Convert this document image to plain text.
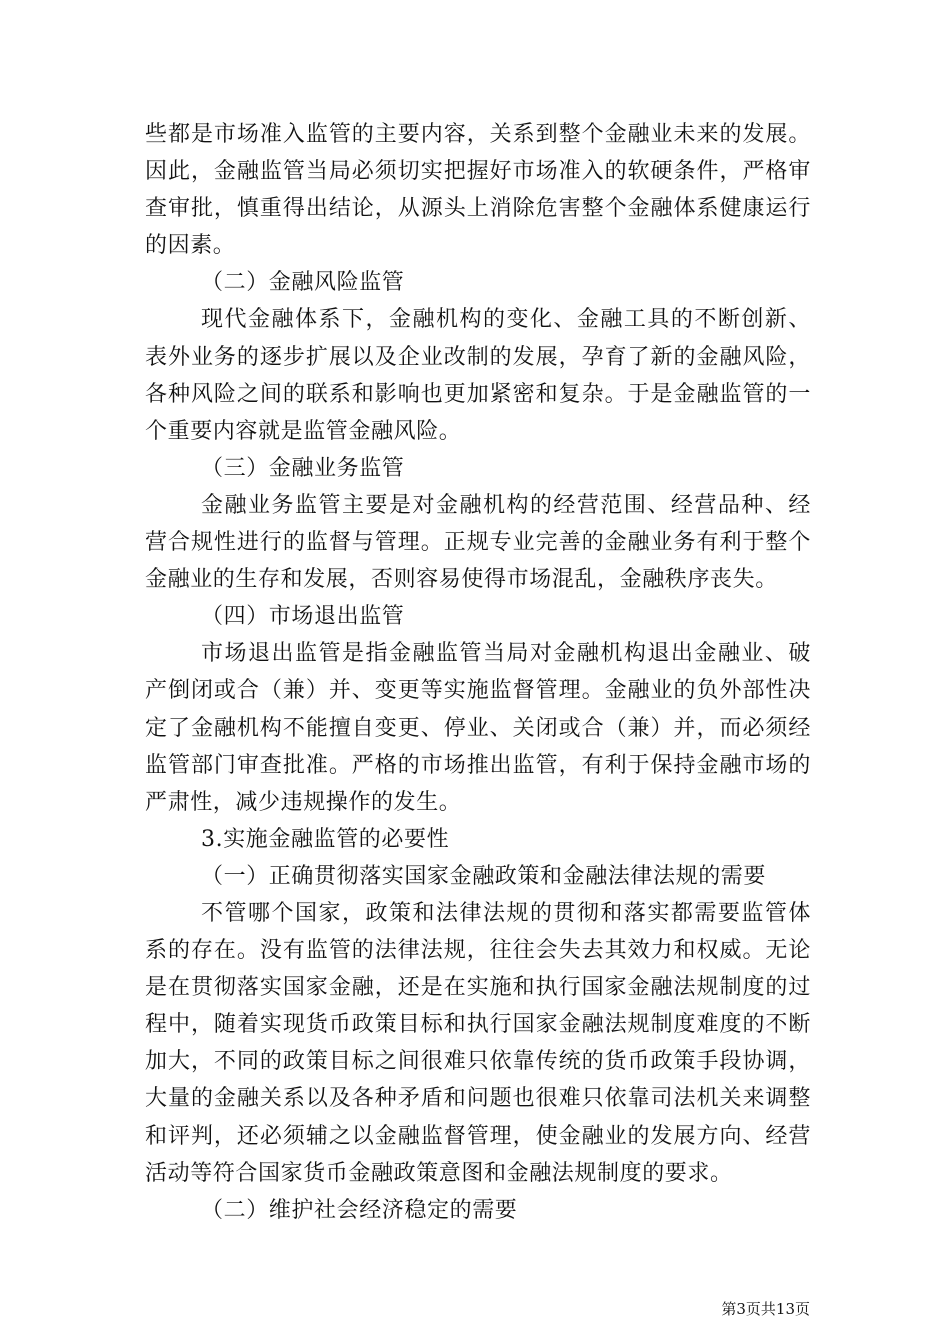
些都是市场准入监管的主要内容，关系到整个金融业未来的发展。因此，金融监管当局必须切实把握好市场准入的软硬条件，严格审查审批，慎重得出结论，从源头上消除危害整个金融体系健康运行的因素。

（二）金融风险监管

现代金融体系下，金融机构的变化、金融工具的不断创新、表外业务的逐步扩展以及企业改制的发展，孕育了新的金融风险，各种风险之间的联系和影响也更加紧密和复杂。于是金融监管的一个重要内容就是监管金融风险。

（三）金融业务监管

金融业务监管主要是对金融机构的经营范围、经营品种、经营合规性进行的监督与管理。正规专业完善的金融业务有利于整个金融业的生存和发展，否则容易使得市场混乱，金融秩序丧失。

（四）市场退出监管

市场退出监管是指金融监管当局对金融机构退出金融业、破产倒闭或合（兼）并、变更等实施监督管理。金融业的负外部性决定了金融机构不能擅自变更、停业、关闭或合（兼）并，而必须经监管部门审查批准。严格的市场推出监管，有利于保持金融市场的严肃性，减少违规操作的发生。

3.实施金融监管的必要性

（一）正确贯彻落实国家金融政策和金融法律法规的需要

不管哪个国家，政策和法律法规的贯彻和落实都需要监管体系的存在。没有监管的法律法规，往往会失去其效力和权威。无论是在贯彻落实国家金融，还是在实施和执行国家金融法规制度的过程中，随着实现货币政策目标和执行国家金融法规制度难度的不断加大，不同的政策目标之间很难只依靠传统的货币政策手段协调，大量的金融关系以及各种矛盾和问题也很难只依靠司法机关来调整和评判，还必须辅之以金融监督管理，使金融业的发展方向、经营活动等符合国家货币金融政策意图和金融法规制度的要求。

（二）维护社会经济稳定的需要

第3页共13页
